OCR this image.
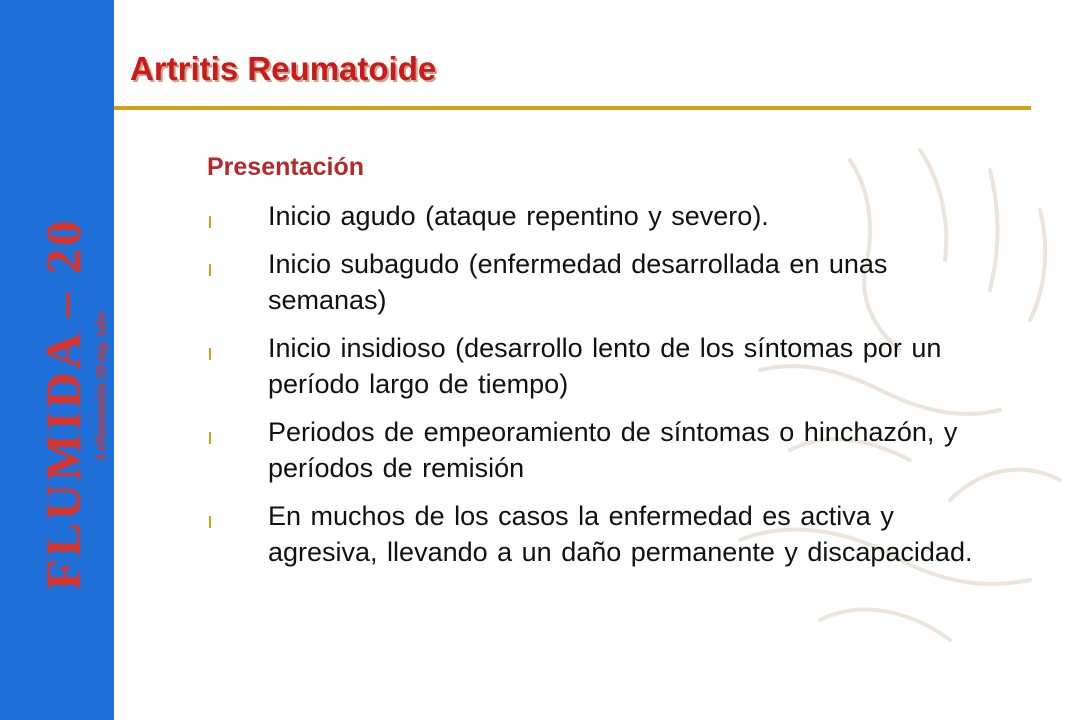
FLUMIDA – 20 Leflunomida 20 mg. tabs
Artritis Reumatoide
Presentación
Inicio agudo (ataque repentino y severo).
Inicio subagudo (enfermedad desarrollada en unas semanas)
Inicio insidioso (desarrollo lento de los síntomas por un período largo de tiempo)
Periodos de empeoramiento de síntomas o hinchazón, y períodos de remisión
En muchos de los casos la enfermedad es activa y agresiva, llevando a un daño permanente y discapacidad.
